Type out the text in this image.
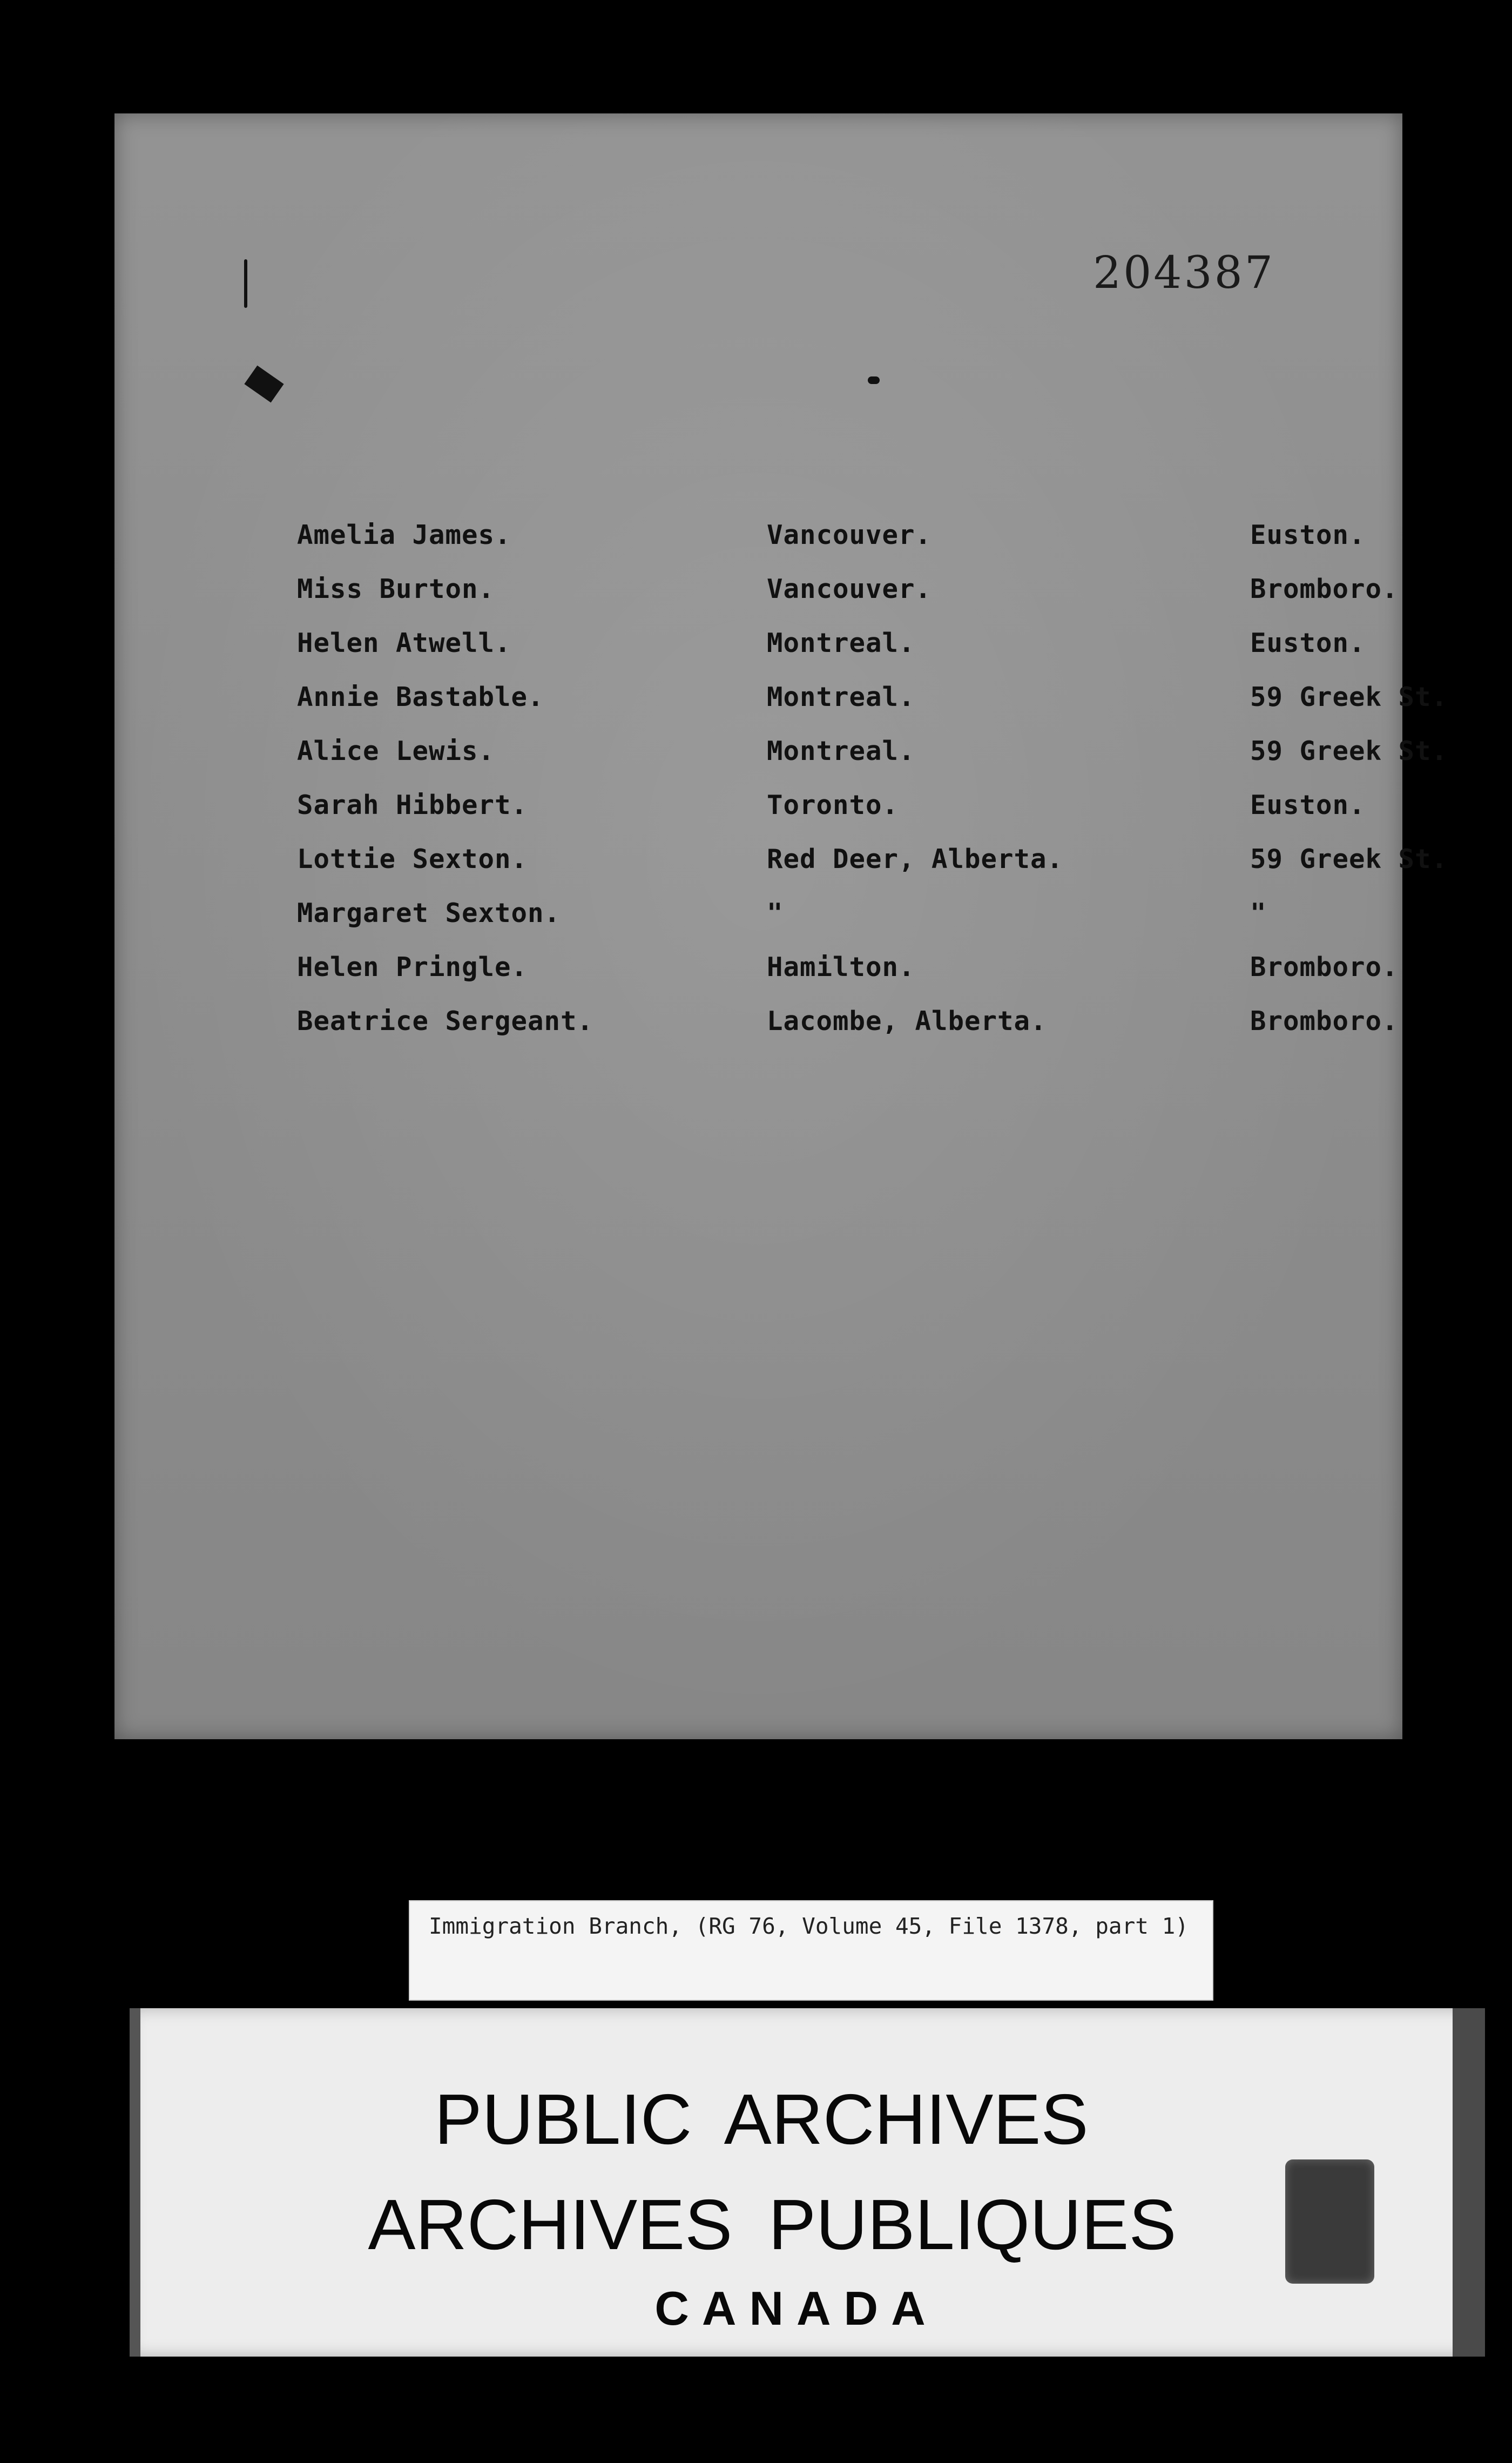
204387
Amelia James.	Vancouver.	Euston.
Miss Burton.	Vancouver.	Bromboro.
Helen Atwell.	Montreal.	Euston.
Annie Bastable.	Montreal.	59 Greek St.
Alice Lewis.	Montreal.	59 Greek St.
Sarah Hibbert.	Toronto.	Euston.
Lottie Sexton.	Red Deer, Alberta.	59 Greek St.
Margaret Sexton.	"	"
Helen Pringle.	Hamilton.	Bromboro.
Beatrice Sergeant.	Lacombe, Alberta.	Bromboro.
Immigration Branch, (RG 76, Volume 45, File 1378, part 1)
PUBLIC ARCHIVES
ARCHIVES PUBLIQUES
CANADA
